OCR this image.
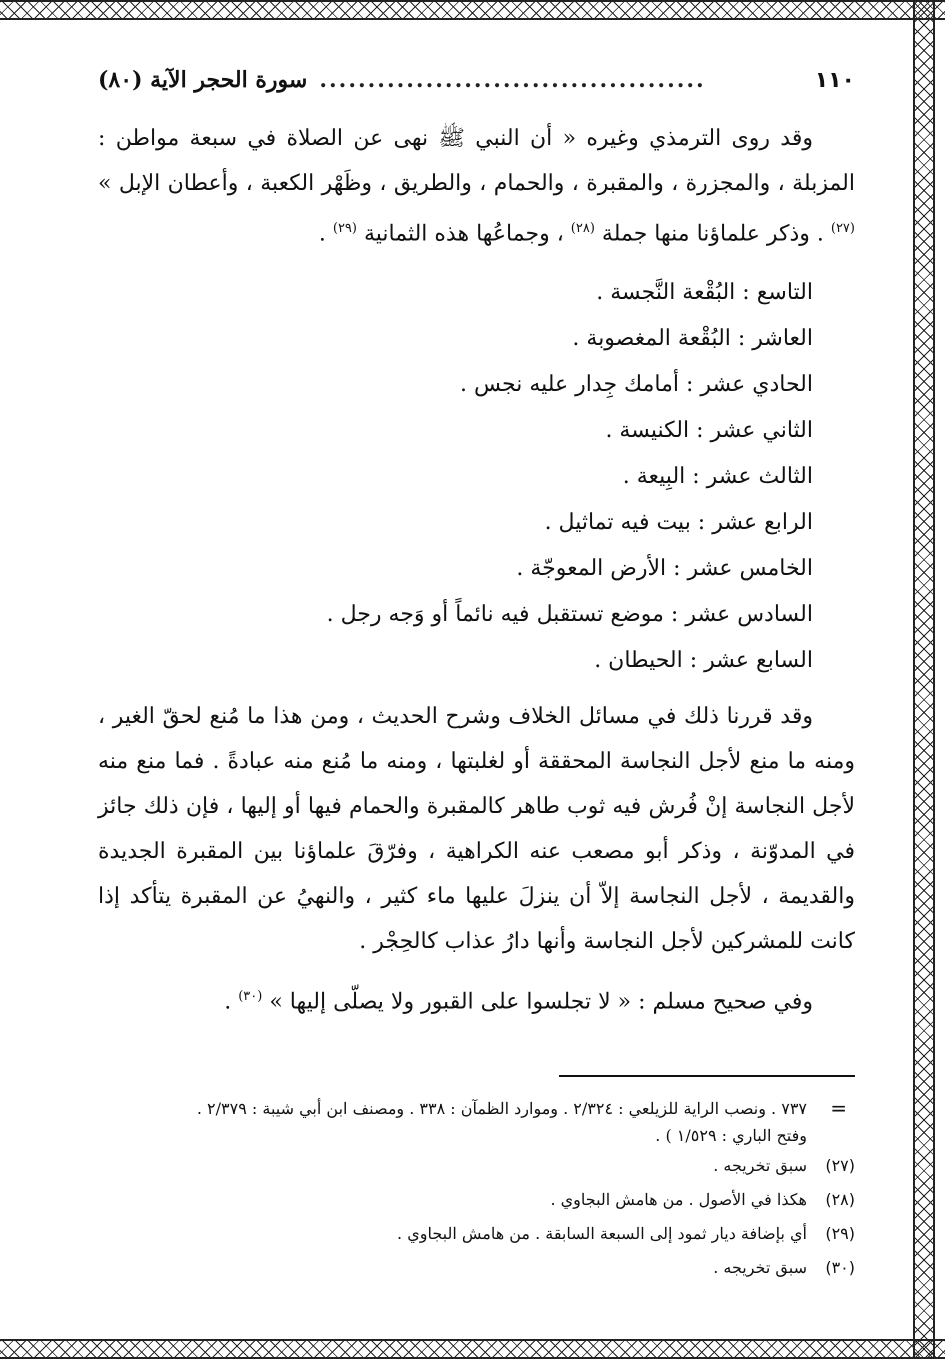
١١٠
........................................
سورة الحجر الآية (٨٠)

وقد روى الترمذي وغيره « أن النبي ﷺ نهى عن الصلاة في سبعة مواطن : المزبلة ، والمجزرة ، والمقبرة ، والحمام ، والطريق ، وظَهْر الكعبة ، وأعطان الإبل » $^{(٢٧)}$ . وذكر علماؤنا منها جملة $^{(٢٨)}$ ، وجماعُها هذه الثمانية $^{(٢٩)}$ .

التاسع : البُقْعة النَّجسة .
العاشر : البُقْعة المغصوبة .
الحادي عشر : أمامك جِدار عليه نجس .
الثاني عشر : الكنيسة .
الثالث عشر : البِيعة .
الرابع عشر : بيت فيه تماثيل .
الخامس عشر : الأرض المعوجّة .
السادس عشر : موضع تستقبل فيه نائماً أو وَجه رجل .
السابع عشر : الحيطان .

وقد قررنا ذلك في مسائل الخلاف وشرح الحديث ، ومن هذا ما مُنع لحقّ الغير ، ومنه ما منع لأجل النجاسة المحققة أو لغلبتها ، ومنه ما مُنع منه عبادةً . فما منع منه لأجل النجاسة إنْ فُرش فيه ثوب طاهر كالمقبرة والحمام فيها أو إليها ، فإن ذلك جائز في المدوّنة ، وذكر أبو مصعب عنه الكراهية ، وفرّقَ علماؤنا بين المقبرة الجديدة والقديمة ، لأجل النجاسة إلاّ أن ينزلَ عليها ماء كثير ، والنهيُ عن المقبرة يتأكد إذا كانت للمشركين لأجل النجاسة وأنها دارُ عذاب كالحِجْر .

وفي صحيح مسلم : « لا تجلسوا على القبور ولا يصلّى إليها » $^{(٣٠)}$ .

=
٧٣٧ . ونصب الراية للزيلعي : ٢/٣٢٤ . وموارد الظمآن : ٣٣٨ . ومصنف ابن أبي شيبة : ٢/٣٧٩ .
وفتح الباري : ١/٥٢٩ ) .
(٢٧)
سبق تخريجه .
(٢٨)
هكذا في الأصول . من هامش البجاوي .
(٢٩)
أي بإضافة ديار ثمود إلى السبعة السابقة . من هامش البجاوي .
(٣٠)
سبق تخريجه .
